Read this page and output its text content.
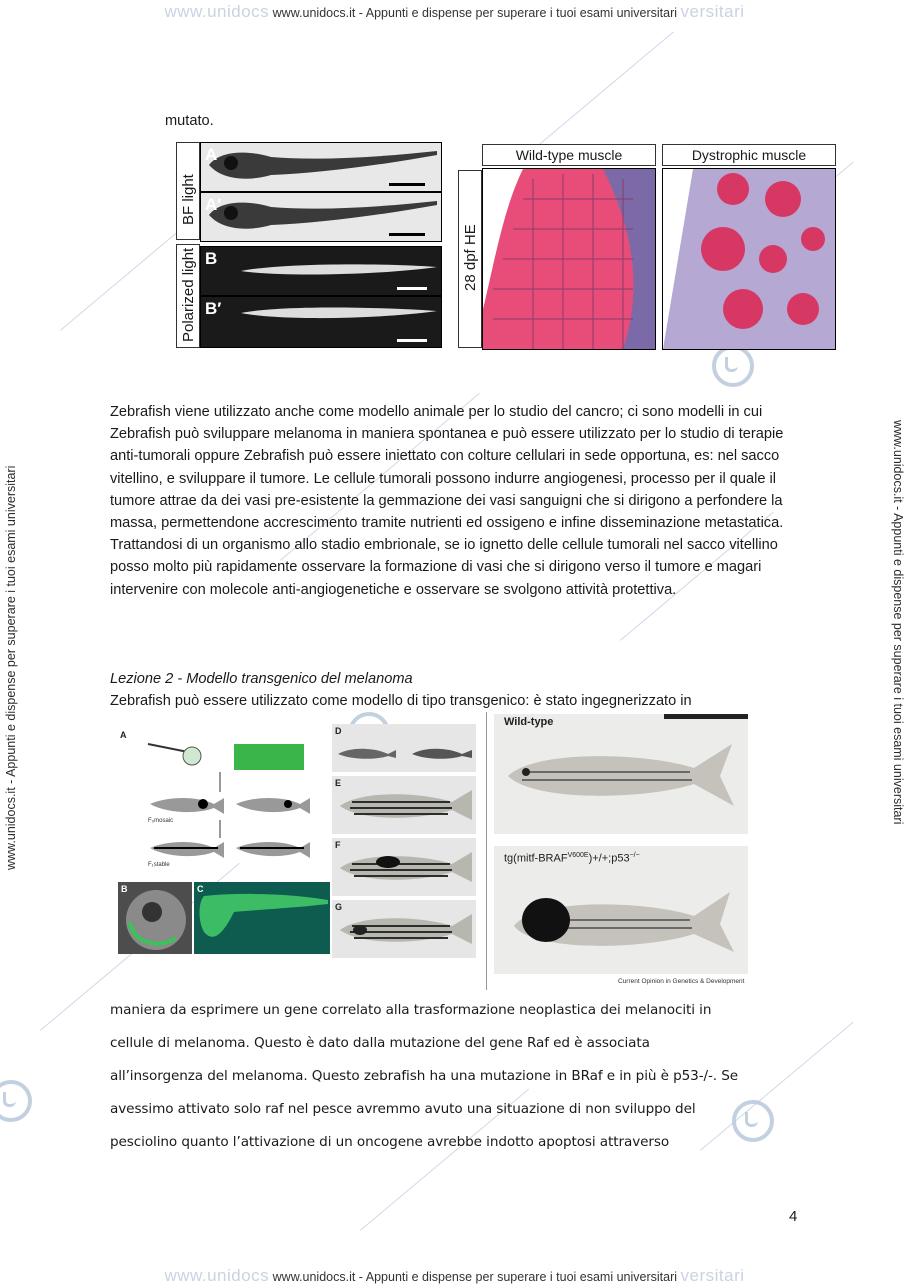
www.unidocs www.unidocs.it - Appunti e dispense per superare i tuoi esami universitari versitari
www.unidocs.it - Appunti e dispense per superare i tuoi esami universitari	www.unidocs.it - Appunti e dispense per superare i tuoi esami universitari
mutato.
BF light
Polarized light
A
A′
B
B′
28 dpf HE
Wild-type muscle	Dystrophic muscle
C	C′
Zebrafish viene utilizzato anche come modello animale per lo studio del cancro; ci sono modelli in cui Zebrafish può sviluppare melanoma in maniera spontanea e può essere utilizzato per lo studio di terapie anti-tumorali oppure Zebrafish può essere iniettato con colture cellulari in sede opportuna, es: nel sacco vitellino, e sviluppare il tumore. Le cellule tumorali possono indurre angiogenesi, processo per il quale il tumore attrae da dei vasi pre-esistente la gemmazione dei vasi sanguigni che si dirigono a perfondere la massa, permettendone accrescimento tramite nutrienti ed ossigeno e infine disseminazione metastatica. Trattandosi di un organismo allo stadio embrionale, se io ignetto delle cellule tumorali nel sacco vitellino posso molto più rapidamente osservare la formazione di vasi che si dirigono verso il tumore e magari intervenire con molecole anti-angiogenetiche e osservare se svolgono attività protettiva.
Lezione 2 - Modello transgenico del melanoma
Zebrafish può essere utilizzato come modello di tipo transgenico: è stato ingegnerizzato in
A
F₀mosaic
F₁stable
B	C
D
E
F
G
Wild-type
$tg(mitf-BRAF^{V600E})+/+;p53^{-/-}$
Current Opinion in Genetics & Development
maniera da esprimere un gene correlato alla trasformazione neoplastica dei melanociti in
cellule di melanoma. Questo è dato dalla mutazione del gene Raf ed è associata
all’insorgenza del melanoma. Questo zebrafish ha una mutazione in BRaf e in più è p53-/-. Se
avessimo attivato solo raf nel pesce avremmo avuto una situazione di non sviluppo del
pesciolino quanto l’attivazione di un oncogene avrebbe indotto apoptosi attraverso
4
www.unidocs www.unidocs.it - Appunti e dispense per superare i tuoi esami universitari versitari
